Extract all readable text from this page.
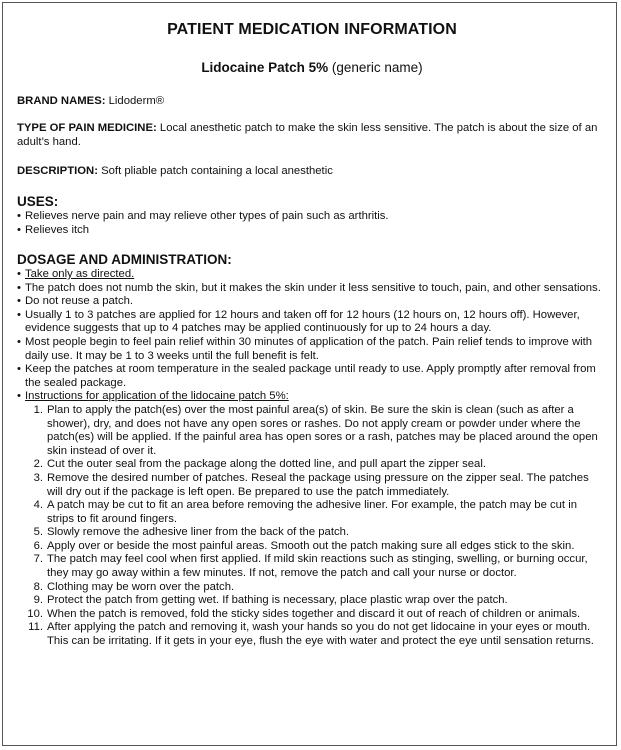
PATIENT MEDICATION INFORMATION
Lidocaine Patch 5% (generic name)
BRAND NAMES: Lidoderm®
TYPE OF PAIN MEDICINE: Local anesthetic patch to make the skin less sensitive. The patch is about the size of an adult’s hand.
DESCRIPTION: Soft pliable patch containing a local anesthetic
USES:
• Relieves nerve pain and may relieve other types of pain such as arthritis.
• Relieves itch
DOSAGE AND ADMINISTRATION:
• Take only as directed.
• The patch does not numb the skin, but it makes the skin under it less sensitive to touch, pain, and other sensations.
• Do not reuse a patch.
• Usually 1 to 3 patches are applied for 12 hours and taken off for 12 hours (12 hours on, 12 hours off). However, evidence suggests that up to 4 patches may be applied continuously for up to 24 hours a day.
• Most people begin to feel pain relief within 30 minutes of application of the patch. Pain relief tends to improve with daily use. It may be 1 to 3 weeks until the full benefit is felt.
• Keep the patches at room temperature in the sealed package until ready to use. Apply promptly after removal from the sealed package.
• Instructions for application of the lidocaine patch 5%:
1. Plan to apply the patch(es) over the most painful area(s) of skin. Be sure the skin is clean (such as after a shower), dry, and does not have any open sores or rashes. Do not apply cream or powder under where the patch(es) will be applied. If the painful area has open sores or a rash, patches may be placed around the open skin instead of over it.
2. Cut the outer seal from the package along the dotted line, and pull apart the zipper seal.
3. Remove the desired number of patches. Reseal the package using pressure on the zipper seal. The patches will dry out if the package is left open. Be prepared to use the patch immediately.
4. A patch may be cut to fit an area before removing the adhesive liner. For example, the patch may be cut in strips to fit around fingers.
5. Slowly remove the adhesive liner from the back of the patch.
6. Apply over or beside the most painful areas. Smooth out the patch making sure all edges stick to the skin.
7. The patch may feel cool when first applied. If mild skin reactions such as stinging, swelling, or burning occur, they may go away within a few minutes. If not, remove the patch and call your nurse or doctor.
8. Clothing may be worn over the patch.
9. Protect the patch from getting wet. If bathing is necessary, place plastic wrap over the patch.
10. When the patch is removed, fold the sticky sides together and discard it out of reach of children or animals.
11. After applying the patch and removing it, wash your hands so you do not get lidocaine in your eyes or mouth. This can be irritating. If it gets in your eye, flush the eye with water and protect the eye until sensation returns.
